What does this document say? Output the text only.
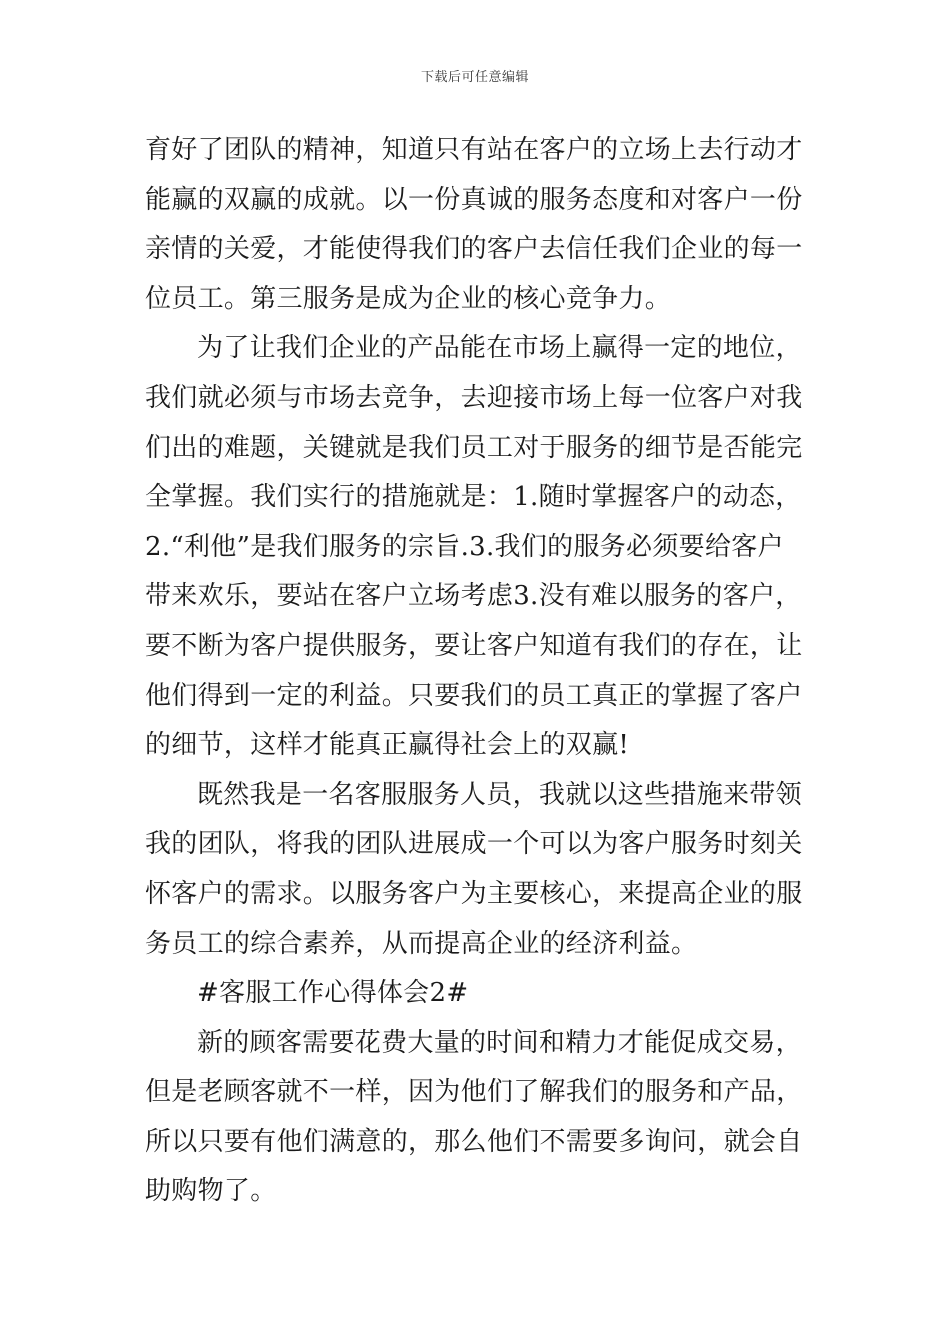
下载后可任意编辑
育好了团队的精神，知道只有站在客户的立场上去行动才
能赢的双赢的成就。以一份真诚的服务态度和对客户一份
亲情的关爱，才能使得我们的客户去信任我们企业的每一
位员工。第三服务是成为企业的核心竞争力。
为了让我们企业的产品能在市场上赢得一定的地位，
我们就必须与市场去竞争，去迎接市场上每一位客户对我
们出的难题，关键就是我们员工对于服务的细节是否能完
全掌握。我们实行的措施就是：1.随时掌握客户的动态，
2.“利他”是我们服务的宗旨.3.我们的服务必须要给客户
带来欢乐，要站在客户立场考虑3.没有难以服务的客户，
要不断为客户提供服务，要让客户知道有我们的存在，让
他们得到一定的利益。只要我们的员工真正的掌握了客户
的细节，这样才能真正赢得社会上的双赢!
既然我是一名客服服务人员，我就以这些措施来带领
我的团队，将我的团队进展成一个可以为客户服务时刻关
怀客户的需求。以服务客户为主要核心，来提高企业的服
务员工的综合素养，从而提高企业的经济利益。
#客服工作心得体会2#
新的顾客需要花费大量的时间和精力才能促成交易，
但是老顾客就不一样，因为他们了解我们的服务和产品，
所以只要有他们满意的，那么他们不需要多询问，就会自
助购物了。
